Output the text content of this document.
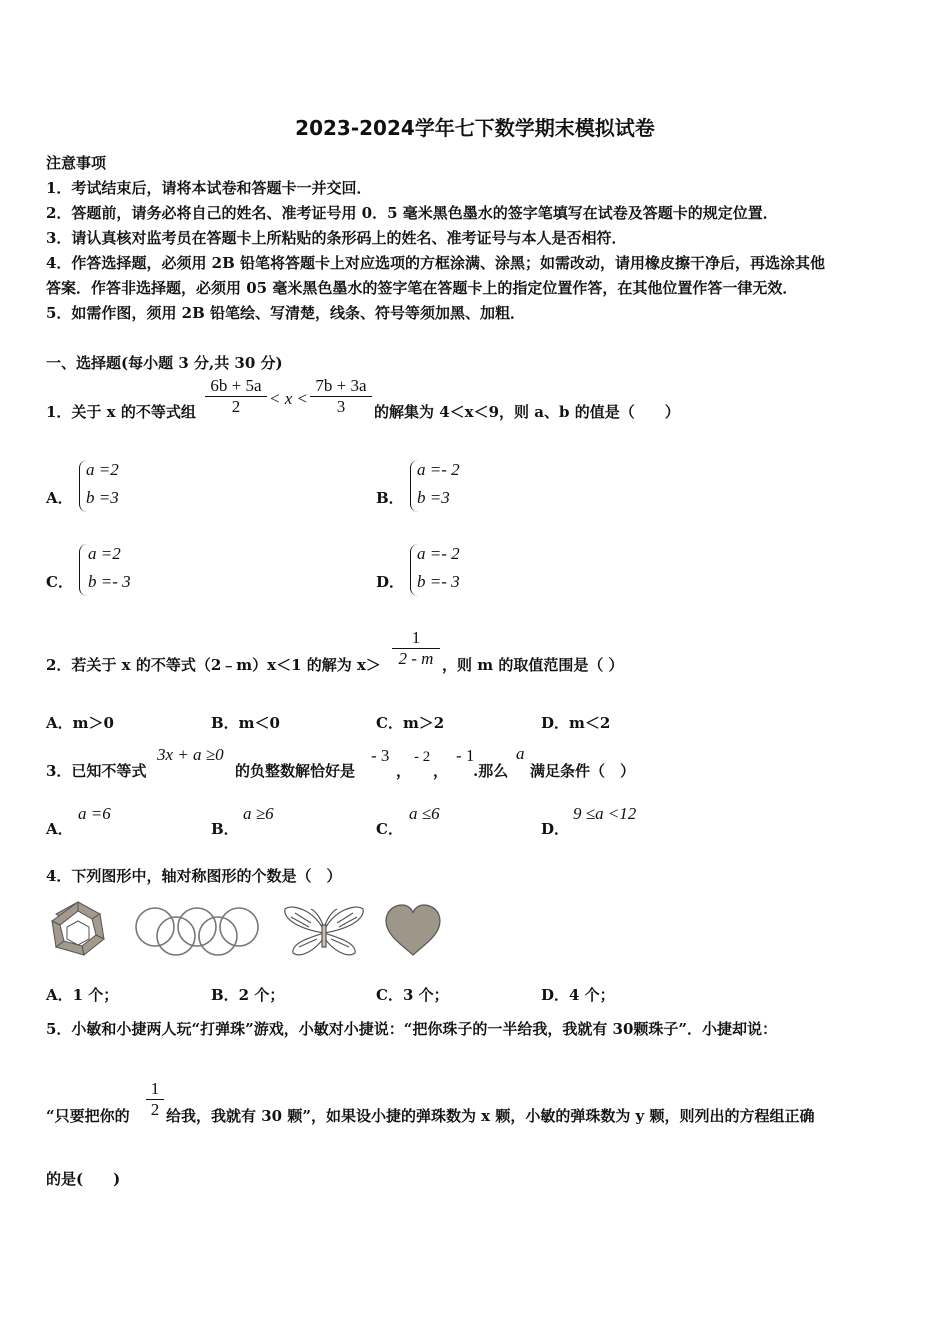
2023-2024学年七下数学期末模拟试卷
注意事项
1．考试结束后，请将本试卷和答题卡一并交回．
2．答题前，请务必将自己的姓名、准考证号用 0．5 毫米黑色墨水的签字笔填写在试卷及答题卡的规定位置．
3．请认真核对监考员在答题卡上所粘贴的条形码上的姓名、准考证号与本人是否相符．
4．作答选择题，必须用 2B 铅笔将答题卡上对应选项的方框涂满、涂黑；如需改动，请用橡皮擦干净后，再选涂其他
答案．作答非选择题，必须用 05 毫米黑色墨水的签字笔在答题卡上的指定位置作答，在其他位置作答一律无效．
5．如需作图，须用 2B 铅笔绘、写清楚，线条、符号等须加黑、加粗．
一、选择题(每小题 3 分,共 30 分)
1．关于 x 的不等式组
6b + 5a
2	< x <
7b + 3a
3	的解集为 4＜x＜9，则 a、b 的值是（　　）
A．
a =2
b =3	B．
a =- 2
b =3
C．
a =2
b =- 3	D．
a =- 2
b =- 3
2．若关于 x 的不等式（2﹣m）x＜1 的解为 x＞
1
2 - m ，则 m 的取值范围是（ ）
A．m＞0	B．m＜0	C．m＞2	D．m＜2
3．已知不等式
3x + a ≥0
的负整数解恰好是
- 3
，
- 2
，
- 1
.那么
a
满足条件（　）
A．
a =6
B．
a ≥6
C．
a ≤6
D．
9 ≤a <12
4．下列图形中，轴对称图形的个数是（　）
A．1 个；	B．2 个；	C．3 个；	D．4 个；
5．小敏和小捷两人玩“打弹珠”游戏，小敏对小捷说：“把你珠子的一半给我，我就有 30颗珠子”．小捷却说：
“只要把你的
1
2 给我，我就有 30 颗”，如果设小捷的弹珠数为 x 颗，小敏的弹珠数为 y 颗，则列出的方程组正确
的是(　　)
